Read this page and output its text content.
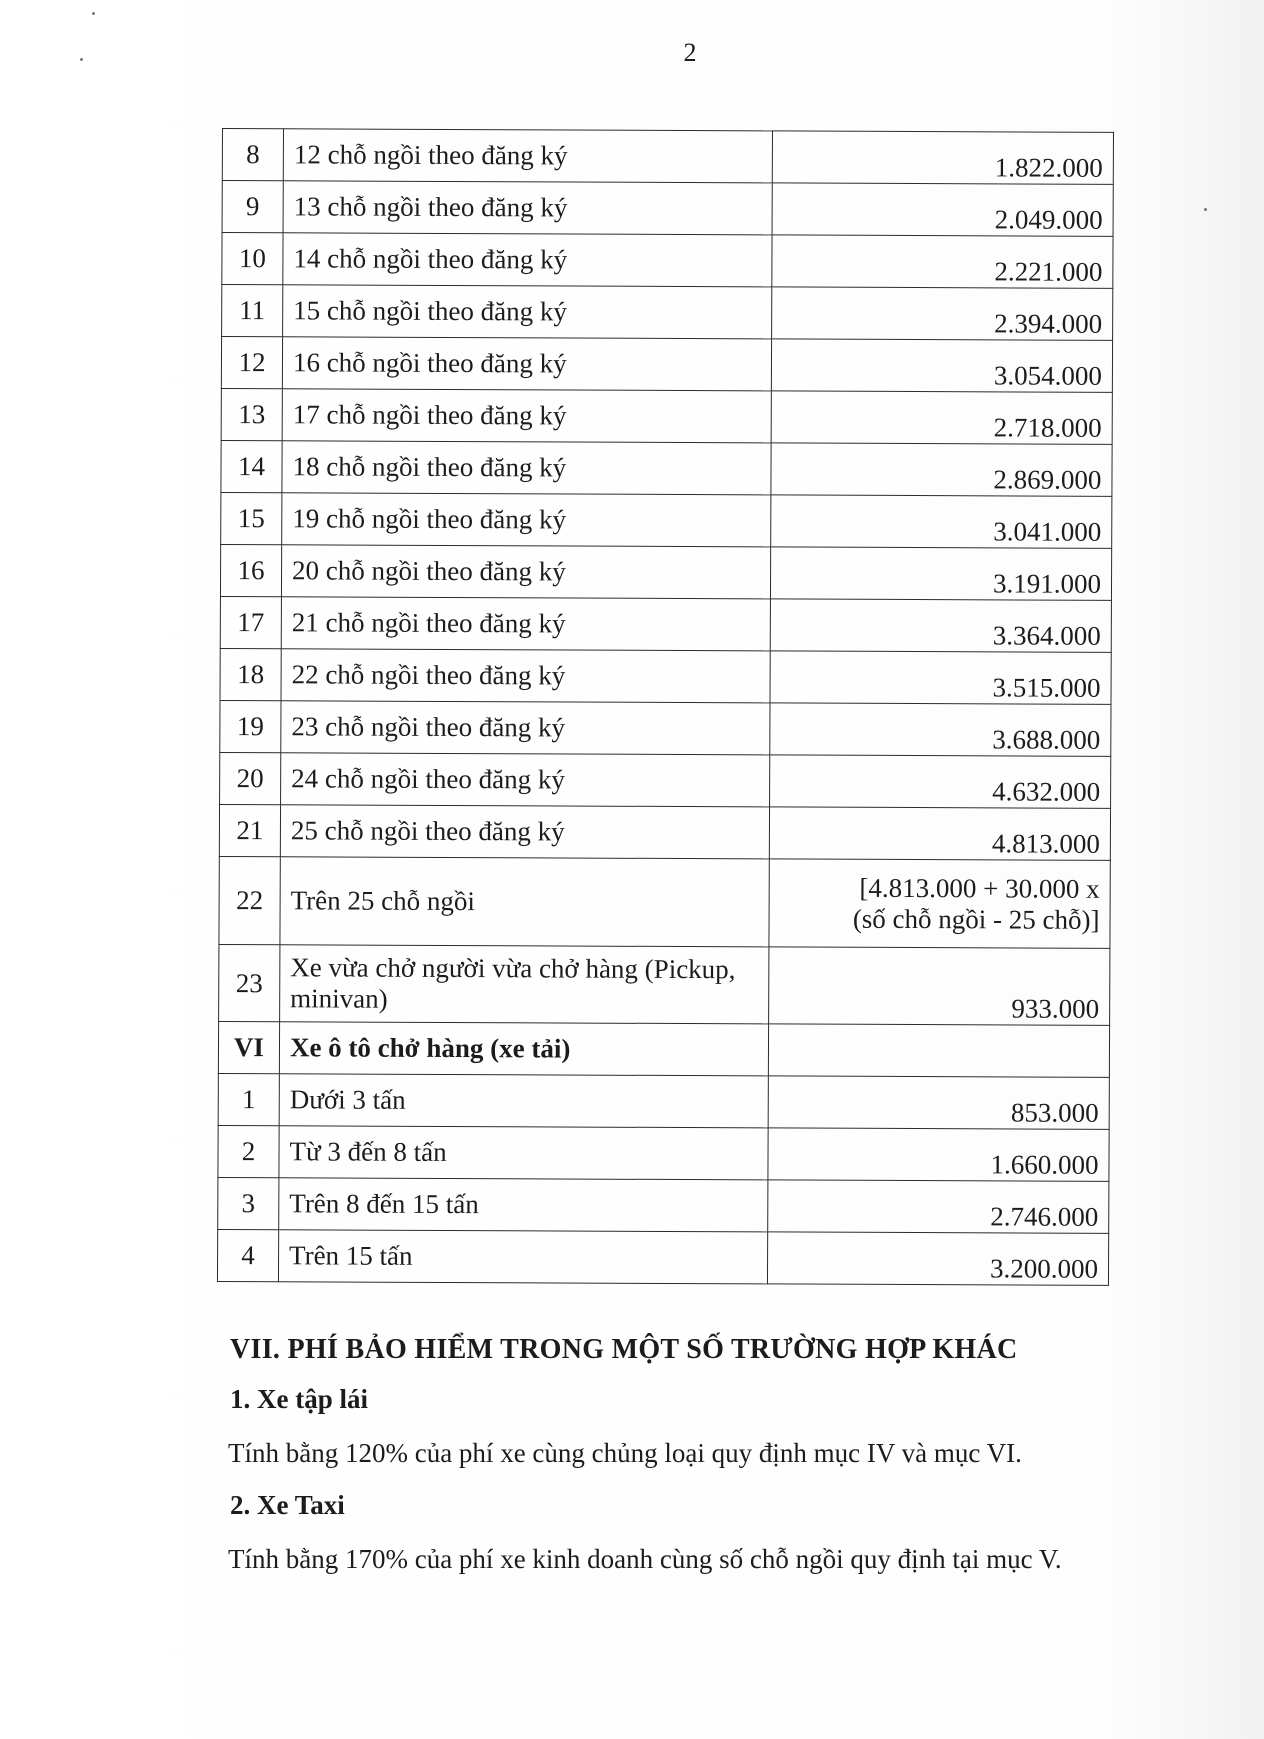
2
8	12 chỗ ngồi theo đăng ký	1.822.000
9	13 chỗ ngồi theo đăng ký	2.049.000
10	14 chỗ ngồi theo đăng ký	2.221.000
11	15 chỗ ngồi theo đăng ký	2.394.000
12	16 chỗ ngồi theo đăng ký	3.054.000
13	17 chỗ ngồi theo đăng ký	2.718.000
14	18 chỗ ngồi theo đăng ký	2.869.000
15	19 chỗ ngồi theo đăng ký	3.041.000
16	20 chỗ ngồi theo đăng ký	3.191.000
17	21 chỗ ngồi theo đăng ký	3.364.000
18	22 chỗ ngồi theo đăng ký	3.515.000
19	23 chỗ ngồi theo đăng ký	3.688.000
20	24 chỗ ngồi theo đăng ký	4.632.000
21	25 chỗ ngồi theo đăng ký	4.813.000
22	Trên 25 chỗ ngồi	[4.813.000 + 30.000 x
(số chỗ ngồi - 25 chỗ)]

23	Xe vừa chở người vừa chở hàng (Pickup,
minivan)	933.000
VI	Xe ô tô chở hàng (xe tải)	
1	Dưới 3 tấn	853.000
2	Từ 3 đến 8 tấn	1.660.000
3	Trên 8 đến 15 tấn	2.746.000
4	Trên 15 tấn	3.200.000
VII. PHÍ BẢO HIỂM TRONG MỘT SỐ TRƯỜNG HỢP KHÁC
1. Xe tập lái
Tính bằng 120% của phí xe cùng chủng loại quy định mục IV và mục VI.
2. Xe Taxi
Tính bằng 170% của phí xe kinh doanh cùng số chỗ ngồi quy định tại mục V.
